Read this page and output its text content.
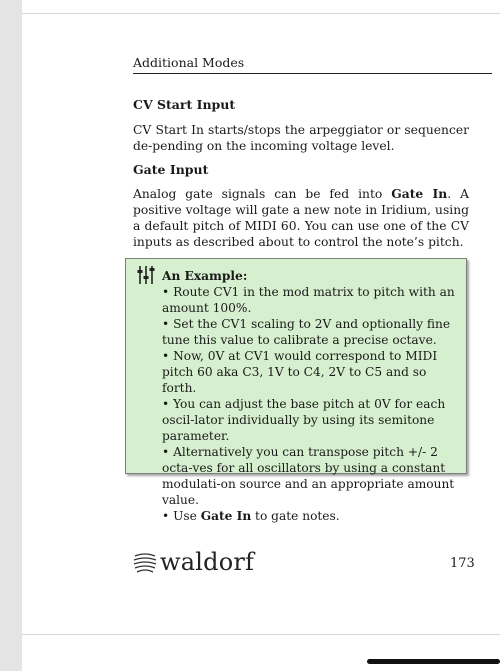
Additional Modes
CV Start Input
CV Start In starts/stops the arpeggiator or sequencer de-pending on the incoming voltage level.
Gate Input
Analog gate signals can be fed into Gate In. A positive voltage will gate a new note in Iridium, using a default pitch of MIDI 60. You can use one of the CV inputs as described about to control the note’s pitch.
An Example:
• Route CV1 in the mod matrix to pitch with an amount 100%.
• Set the CV1 scaling to 2V and optionally fine tune this value to calibrate a precise octave.
• Now, 0V at CV1 would correspond to MIDI pitch 60 aka C3, 1V to C4, 2V to C5 and so forth.
• You can adjust the base pitch at 0V for each oscil-lator individually by using its semitone parameter.
• Alternatively you can transpose pitch +/- 2 octa-ves for all oscillators by using a constant modulati-on source and an appropriate amount value.
• Use Gate In to gate notes.
waldorf	173
